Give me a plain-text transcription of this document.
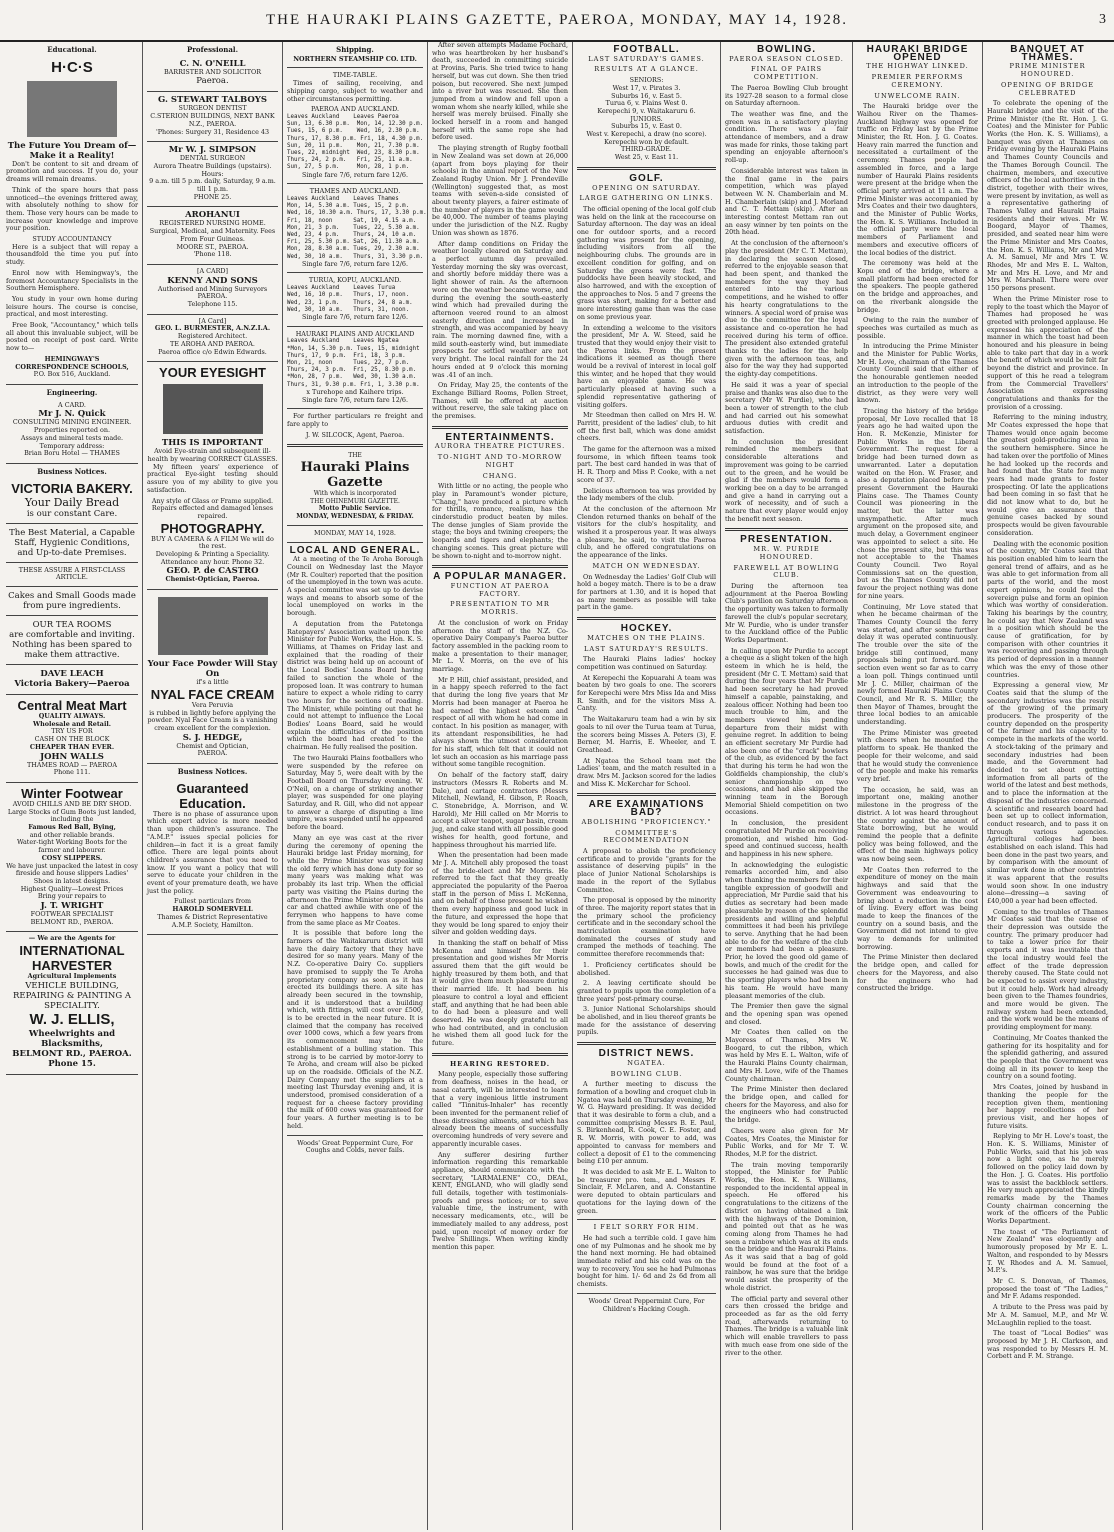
THE HAURAKI PLAINS GAZETTE, PAEROA, MONDAY, MAY 14, 1928.	3
Educational.
H·C·S
The Future You Dream of—
Make it a Reality!

Don't be content to sit and dream of promotion and success. If you do, your dreams will remain dreams.

Think of the spare hours that pass unnoticed—the evenings frittered away, with absolutely nothing to show for them. Those very hours can be made to increase your knowledge and improve your position.

STUDY ACCOUNTANCY

Here is a subject that will repay a thousandfold the time you put into study.

Enrol now with Hemingway's, the foremost Accountancy Specialists in the Southern Hemisphere.

You study in your own home during leisure hours. The course is concise, practical, and most interesting.

Free Book, "Accountancy," which tells all about this invaluable subject, will be posted on receipt of post card. Write now to—

HEMINGWAY'S
CORRESPONDENCE SCHOOLS,
P.O. Box 516, Auckland.
Engineering.
A CARD.
Mr J. N. Quick
CONSULTING MINING ENGINEER.
Properties reported on.
Assays and mineral tests made.
Temporary address:
Brian Boru Hotel — THAMES
Business Notices.
VICTORIA BAKERY.
Your Daily Bread
is our constant Care.
The Best Material, a Capable Staff, Hygienic Conditions, and Up-to-date Premises.
THESE ASSURE A FIRST-CLASS ARTICLE.
Cakes and Small Goods made from pure ingredients.
OUR TEA ROOMS
are comfortable and inviting. Nothing has been spared to make them attractive.
DAVE LEACH
Victoria Bakery—Paeroa
Central Meat Mart
QUALITY ALWAYS.
Wholesale and Retail.
TRY US FOR
CASH ON THE BLOCK
CHEAPER THAN EVER.
JOHN WALLS
THAMES ROAD — PAEROA
Phone 111.
Winter Footwear
AVOID CHILLS AND BE DRY SHOD.
Large Stocks of Gum Boots just landed, including the
Famous Red Ball, Bying,
and other reliable brands.
Water-tight Working Boots for the farmer and labourer.
COSY SLIPPERS.
We have just unpacked the latest in cosy fireside and house slippers Ladies' Shoes in latest designs.
Highest Quality—Lowest Prices
Bring your repairs to
J. T. WRIGHT
FOOTWEAR SPECIALIST
BELMONT RD., PAEROA.
— We are the Agents for
INTERNATIONAL
HARVESTER
Agricultural Implements
VEHICLE BUILDING, REPAIRING & PAINTING A SPECIALITY.
W. J. ELLIS,
Wheelwrights and Blacksmiths,
BELMONT RD., PAEROA.
Phone 15.
Professional.
C. N. O'NEILL
BARRISTER AND SOLICITOR
Paeroa.
G. STEWART TALBOYS
SURGEON DENTIST
C.STERION BUILDINGS, NEXT BANK N.Z., PAEROA.
'Phones: Surgery 31, Residence 43
Mr W. J. SIMPSON
DENTAL SURGEON
Aurora Theatre Buildings (upstairs).
Hours:
9 a.m. till 5 p.m. daily, Saturday, 9 a.m. till 1 p.m.
PHONE 25.
AROHANUI
REGISTERED NURSING HOME.
Surgical, Medical, and Maternity. Fees From Four Guineas.
MOORE ST., PAEROA.
'Phone 118.
[A CARD]
KENNY AND SONS
Authorised and Mining Surveyors PAEROA.
Telephone 115.
[A Card]
GEO. L. BURMESTER, A.N.Z.I.A.
Registered Architect.
TE AROHA AND PAEROA.
Paeroa office c/o Edwin Edwards.
YOUR EYESIGHT
THIS IS IMPORTANT
Avoid Eye-strain and subsequent ill-health by wearing CORRECT GLASSES.

My fifteen years' experience of practical Eye-sight testing should assure you of my ability to give you satisfaction.

Any style of Glass or Frame supplied.
Repairs effected and damaged lenses repaired.
PHOTOGRAPHY.
BUY A CAMERA & A FILM We will do the rest.
Developing & Printing a Speciality.
Attendance any hour. Phone 32.
GEO. P. de CASTRO
Chemist-Optician, Paeroa.
Your Face Powder Will Stay On
if's a little
NYAL FACE CREAM
Vera Peruvia
is rubbed in lightly before applying the powder. Nyal Face Cream is a vanishing cream excellent for the complexion.
S. J. HEDGE,
Chemist and Optician,
PAEROA.
Business Notices.
Guaranteed Education.

There is no phase of assurance upon which expert advice is more needed than upon children's assurance. The "A.M.P." issues special policies for children—in fact it is a great family office. There are legal points about children's assurance that you need to know. If you want a policy that will serve to educate your children in the event of your premature death, we have just the policy.

Fullest particulars from
HAROLD SOMERVELL
Thames & District Representative A.M.P. Society, Hamilton.
Shipping.
NORTHERN STEAMSHIP CO. LTD.
TIME-TABLE.

Times of sailing, receiving, and shipping cargo, subject to weather and other circumstances permitting.

PAEROA AND AUCKLAND.
Leaves Auckland    Leaves Paeroa
Sun, 13, 6.30 p.m.  Mon, 14, 12.30 p.m.
Tues, 15, 6 p.m.    Wed, 16, 2.30 p.m.
Thurs, 17, 8.30 p.m. Fri, 18, 4.30 p.m.
Sun, 20, 11 p.m.    Mon, 21, 7.30 p.m.
Tues, 22, midnight  Wed, 23, 8.30 p.m.
Thurs, 24, 2 p.m.   Fri, 25, 11 a.m.
Sun, 27, 5 p.m.     Mon, 28, 1 p.m.
Single fare 7/6, return fare 12/6.
THAMES AND AUCKLAND.
Leaves Auckland    Leaves Thames
Mon, 14, 5.30 a.m. Tues, 15, 2 p.m.
Wed, 16, 10.30 a.m. Thurs, 17, 3.30 p.m.
Fri, 18, noon      Sat, 19, 4.15 a.m.
Mon, 21, 3 p.m.    Tues, 22, 5.30 a.m.
Wed, 23, 4 p.m.    Thurs, 24, 10 a.m.
Fri, 25, 5.30 p.m. Sat, 26, 11.30 a.m.
Mon, 28, 8.30 a.m. Tues, 29, 2.30 a.m.
Wed, 30, 10 a.m.   Thurs, 31, 3.30 p.m.
Single fare 7/6, return fare 12/6.
TURUA, KOPU, AUCKLAND.
Leaves Auckland    Leaves Turua
Wed, 16, 10 p.m.   Thurs, 17, noon.
Wed, 23, 1 p.m.    Thurs, 24, 8 a.m.
Wed, 30, 10 a.m.   Thurs, 31, noon.
Single fare 7/6, return fare 12/6.
HAURAKI PLAINS AND AUCKLAND
Leaves Auckland    Leaves Ngatea
*Mon, 14, 5.30 p.m. Tues, 15, midnight
Thurs, 17, 9 p.m.  Fri, 18, 3 p.m.
Mon, 21, noon      Tues, 22, 7 p.m.
Thurs, 24, 3 p.m.  Fri, 25, 8.30 p.m.
*Mon, 28, 7 p.m.   Wed, 30, 1.30 a.m.
Thurs, 31, 9.30 p.m. Fri, 1, 3.30 p.m.
x Turehope and Kaihere trips.
Single fare 7/6, return fare 12/6.

For further particulars re freight and fare apply to

J. W. SILCOCK, Agent, Paeroa.
THE
Hauraki Plains Gazette
With which is incorporated
THE OHINEMURI GAZETTE.
Motto Public Service.
MONDAY, WEDNESDAY, & FRIDAY.
MONDAY, MAY 14, 1928.
LOCAL AND GENERAL.

At a meeting of the Te Aroha Borough Council on Wednesday last the Mayor (Mr R. Coulter) reported that the position of the unemployed in the town was acute. A special committee was set up to devise ways and means to absorb some of the local unemployed on works in the borough.

A deputation from the Patetonga Ratepayers' Association waited upon the Minister for Public Works, the Hon. K. S. Williams, at Thames on Friday last and explained that the roading of their district was being held up on account of the Local Bodies' Loans Board having failed to sanction the whole of the proposed loan. It was contrary to human nature to expect a whole riding to carry two hours for the sections of roading. The Minister, while pointing out that he could not attempt to influence the Local Bodies' Loans Board, said he would explain the difficulties of the position which the board had created to the chairman. He fully realised the position.

The two Hauraki Plains footballers who were suspended by the referee on Saturday, May 5, were dealt with by the Football Board on Thursday evening. W. O'Neil, on a charge of striking another player, was suspended for one playing Saturday, and R. Gill, who did not appear to answer a charge of disputing a line umpire, was suspended until he appeared before the board.

Many an eye was cast at the river during the ceremony of opening the Hauraki bridge last Friday morning, for while the Prime Minister was speaking the old ferry which has done duty for so many years was making what was probably its last trip. When the official party was visiting the Plains during the afternoon the Prime Minister stopped his car and chatted awhile with one of the ferrymen who happens to have come from the same place as Mr Coates.

It is possible that before long the farmers of the Waitakaruru district will have the dairy factory that they have desired for so many years. Many of the N.Z. Co-operative Dairy Co. suppliers have promised to supply the Te Aroha proprietary company as soon as it has erected its buildings there. A site has already been secured in the township, and it is understood that a building which, with fittings, will cost over £500, is to be erected in the near future. It is claimed that the company has received over 1000 cows, which a few years from its commencement may be the establishment of a bulling station. This strong is to be carried by motor-lorry to Te Aroha, and cream will also be picked up on the roadside. Officials of the N.Z. Dairy Company met the suppliers at a meeting last Thursday evening and, it is understood, promised consideration of a request for a cheese factory providing the milk of 600 cows was guaranteed for four years. A further meeting is to be held.

Woods' Great Peppermint Cure, For Coughs and Colds, never fails.

After seven attempts Madame Pochard, who was heartbroken by her husband's death, succeeded in committing suicide at Provins, Paris. She tried twice to hang herself, but was cut down. She then tried poison, but recovered. She next jumped into a river but was rescued. She then jumped from a window and fell upon a woman whom she nearly killed, while she herself was merely bruised. Finally she locked herself in a room and hanged herself with the same rope she had before used.

The playing strength of Rugby football in New Zealand was set down at 26,000 (apart from boys playing for their schools) in the annual report of the New Zealand Rugby Union. Mr J. Prendeville (Wellington) suggested that, as most teams with seven-a-side consisted of about twenty players, a fairer estimate of the number of players in the game would be 40,000. The number of teams playing under the jurisdiction of the N.Z. Rugby Union was shown as 1876.

After damp conditions on Friday the weather locally cleared on Saturday and a perfect autumn day prevailed. Yesterday morning the sky was overcast, and shortly before midday there was a light shower of rain. As the afternoon wore on the weather became worse, and during the evening the south-easterly wind which had prevailed during the afternoon veered round to an almost easterly direction and increased in strength, and was accompanied by heavy rain. The morning dawned fine, with a mild south-easterly wind, but immediate prospects for settled weather are not very bright. The local rainfall for the 24 hours ended at 9 o'clock this morning was .41 of an inch.

On Friday, May 25, the contents of the Exchange Billiard Rooms, Pollen Street, Thames, will be offered at auction without reserve, the sale taking place on the premises.

ENTERTAINMENTS.
AURORA THEATRE PICTURES.
TO-NIGHT AND TO-MORROW NIGHT
CHANG.

With little or no acting, the people who play in Paramount's wonder picture, "Chang," have produced a picture which for thrills, romance, realism, has the cinderstudio product beaten by miles. The dense jungles of Siam provide the stage; the boys and twining creepers; the leopards and tigers and elephants; the changing scenes. This great picture will be shown to-night and to-morrow night.

A POPULAR MANAGER.
FUNCTION AT PAEROA FACTORY.
PRESENTATION TO MR MORRIS.

At the conclusion of work on Friday afternoon the staff of the N.Z. Co-operative Dairy Company's Paeroa butter factory assembled in the packing room to make a presentation to their manager, Mr L. V. Morris, on the eve of his marriage.

Mr P. Hill, chief assistant, presided, and in a happy speech referred to the fact that during the long five years that Mr Morris had been manager at Paeroa he had earned the highest esteem and respect of all with whom he had come in contact. In his position as manager, with its attendant responsibilities, he had always shown the utmost consideration for his staff, which felt that it could not let such an occasion as his marriage pass without some tangible recognition.

On behalf of the factory staff, dairy instructors (Messrs R. Roberts and M. Dale), and cartage contractors (Messrs Mitchell, Newland, H. Gibson, P. Roach, C. Stonebridge, A. Morrison, and W. Harold), Mr Hill called on Mr Morris to accept a silver teapot, sugar basin, cream jug, and cake stand with all possible good wishes for health, good fortune, and happiness throughout his married life.

When the presentation had been made Mr J. A. Mitchell ably proposed the toast of the bride-elect and Mr Morris. He referred to the fact that they greatly appreciated the popularity of the Paeroa staff in the person of Miss I. McKenna, and on behalf of those present he wished them every happiness and good luck in the future, and expressed the hope that they would be long spared to enjoy their silver and golden wedding days.

In thanking the staff on behalf of Miss McKenna and himself for their presentation and good wishes Mr Morris assured them that the gift would be highly treasured by them both, and that it would give them much pleasure during their married life. It had been his pleasure to control a loyal and efficient staff, and anything that he had been able to do had been a pleasure and well deserved. He was deeply grateful to all who had contributed, and in conclusion he wished them all good luck for the future.

HEARING RESTORED.

Many people, especially those suffering from deafness, noises in the head, or nasal catarrh, will be interested to learn that a very ingenious little instrument called "Tinnitus-Inhaler" has recently been invented for the permanent relief of these distressing ailments, and which has already been the means of successfully overcoming hundreds of very severe and apparently incurable cases.

Any sufferer desiring further information regarding this remarkable appliance, should communicate with the secretary, "LARMALENE" CO., DEAL, KENT, ENGLAND, who will gladly send full details, together with testimonials-proofs and press notices; or to save valuable time, the instrument, with necessary medicaments, etc., will be immediately mailed to any address, post paid, upon receipt of money order for Twelve Shillings. When writing kindly mention this paper.

FOOTBALL.
LAST SATURDAY'S GAMES.
RESULTS AT A GLANCE.
SENIORS:
West 17, v. Pirates 3.
Suburbs 16, v. East 5.
Turua 6, v. Plains West 0.
Kerepechi 9, v. Waitakaruru 6.
JUNIORS.
Suburbs 15, v. East 0.
West v. Kerepechi, a draw (no score).
Kerepechi won by default.
THIRD-GRADE.
West 25, v. East 11.
GOLF.
OPENING ON SATURDAY.
LARGE GATHERING ON LINKS.

The official opening of the local golf club was held on the link at the racecourse on Saturday afternoon. The day was an ideal one for outdoor sports, and a record gathering was present for the opening, including visitors from all the neighbouring clubs. The grounds are in excellent condition for golfing, and on Saturday the greens were fast. The puddocks have been heavily stocked, and also harrowed, and with the exception of the approaches to Nos. 5 and 7 greens the grass was short, making for a better and more interesting game than was the case on some previous year.

In extending a welcome to the visitors the president, Mr A. W. Steed, said he trusted that they would enjoy their visit to the Paeroa links. From the present indications it seemed as though there would be a revival of interest in local golf this winter, and he hoped that they would have an enjoyable game. He was particularly pleased at having such a splendid representative gathering of visiting golfers.

Mr Steedman then called on Mrs H. W. Parritt, president of the ladies' club, to hit off the first ball, which was done amidst cheers.

The game for the afternoon was a mixed foursome, in which fifteen teams took part. The best card handed in was that of H. R. Thorp and Miss P. Cooke, with a net score of 37.

Delicious afternoon tea was provided by the lady members of the club.

At the conclusion of the afternoon Mr Clendon returned thanks on behalf of the visitors for the club's hospitality, and wished it a prosperous year. It was always a pleasure, he said, to visit the Paeroa club, and he offered congratulations on the appearance of the links.

MATCH ON WEDNESDAY.

On Wednesday the Ladies' Golf Club will hold a bogey match. There is to be a draw for partners at 1.30, and it is hoped that as many members as possible will take part in the game.

HOCKEY.
MATCHES ON THE PLAINS.
LAST SATURDAY'S RESULTS.

The Hauraki Plains ladies' hockey competition was continued on Saturday.

At Kerepechi the Kopuarahi A team was beaten by two goals to one. The scorers for Kerepechi were Mrs Miss Ida and Miss R. Smith, and for the visitors Miss A. Canty.

The Waitakaruru team had a win by six goals to nil over the Turua team at Turua, the scorers being Misses A. Peters (3), F. Berner, M. Harris, E. Wheeler, and T. Greathead.

At Ngatea the School team met the Ladies' team, and the match resulted in a draw. Mrs M. Jackson scored for the ladies and Miss K. McKerchar for School.

ARE EXAMINATIONS BAD?
ABOLISHING "PROFICIENCY."
COMMITTEE'S RECOMMENDATION

A proposal to abolish the proficiency certificate and to provide "grants for the assistance of deserving pupils" in the place of Junior National Scholarships is made in the report of the Syllabus Committee.

The proposal is opposed by the minority of three. The majority report states that in the primary school the proficiency certificate and in the secondary school the matriculation examination have dominated the courses of study and cramped the methods of teaching. The committee therefore recommends that:

1. Proficiency certificates should be abolished.

2. A leaving certificate should be granted to pupils upon the completion of a three years' post-primary course.

3. Junior National Scholarships should be abolished, and in lieu thereof grants be made for the assistance of deserving pupils.

DISTRICT NEWS.
NGATEA.
BOWLING CLUB.

A further meeting to discuss the formation of a bowling and croquet club in Ngatea was held on Thursday evening, Mr W. G. Hayward presiding. It was decided that it was desirable to form a club, and a committee comprising Messrs B. E. Paul, S. Birkenhead, R. Cook, C. E. Foster, and R. W. Morris, with power to add, was appointed to canvass for members and collect a deposit of £1 to the commencing being £10 per annum.

It was decided to ask Mr E. L. Walton to be treasurer pro. tem., and Messrs F. Sinclair, F. McLaren, and A. Constantine were deputed to obtain particulars and quotations for the laying down of the green.

I FELT SORRY FOR HIM.

He had such a terrible cold. I gave him one of my Pulmonas and he shook me by the hand next morning. He had obtained immediate relief and his cold was on the way to recovery. You see he had Pulmonas bought for him. 1/- 6d and 2s 6d from all chemists.

Woods' Great Peppermint Cure, For Children's Hacking Cough.

BOWLING.
PAEROA SEASON CLOSED.
FINAL OF PAIRS COMPETITION.

The Paeroa Bowling Club brought its 1927-28 season to a formal close on Saturday afternoon.

The weather was fine, and the green was in a satisfactory playing condition. There was a fair attendance of members, and a draw was made for rinks, those taking part spending an enjoyable afternoon's roll-up.

Considerable interest was taken in the final game in the pairs competition, which was played between W. N. Chamberlain and M. H. Chamberlain (skip) and J. Morland and C. T. Mettam (skip). After an interesting contest Mettam ran out an easy winner by ten points on the 20th head.

At the conclusion of the afternoon's play the president (Mr C. T. Mettam), in declaring the season closed, referred to the enjoyable season that had been spent, and thanked the members for the way they had entered into the various competitions, and he wished to offer his hearty congratulations to the winners. A special word of praise was due to the committee for the loyal assistance and co-operation he had received during his term of office. The president also extended grateful thanks to the ladies for the help given with the afternoon teas, and also for the way they had supported the eighty-day competitions.

He said it was a year of special praise and thanks was also due to the secretary (Mr W. Purdie), who had been a tower of strength to the club and had carried out his somewhat arduous duties with credit and satisfaction.

In conclusion the president reminded the members that considerable alterations and improvement was going to be carried out to the green, and he would be glad if the members would form a working bee on a day to be arranged and give a hand in carrying out a work of necessity, and of such a nature that every player would enjoy the benefit next season.

PRESENTATION.
MR. W. PURDIE HONOURED.
FAREWELL AT BOWLING CLUB.

During the afternoon tea adjournment at the Paeroa Bowling Club's pavilion on Saturday afternoon the opportunity was taken to formally farewell the club's popular secretary, Mr W. Purdie, who is under transfer to the Auckland office of the Public Works Department.

In calling upon Mr Purdie to accept a cheque as a slight token of the high esteem in which he is held, the president (Mr C. T. Mettam) said that during the four years that Mr Purdie had been secretary he had proved himself a capable, painstaking, and zealous officer. Nothing had been too much trouble to him, and the members viewed his pending departure from their midst with genuine regret. In addition to being an efficient secretary Mr Purdie had also been one of the "crack" bowlers of the club, as evidenced by the fact that during his term he had won the Goldfields championship, the club's senior championship on two occasions, and had also skipped the winning team in the Borough Memorial Shield competition on two occasions.

In conclusion, the president congratulated Mr Purdie on receiving promotion, and wished him God-speed and continued success, health and happiness in his new sphere.

In acknowledging the eulogistic remarks accorded him, and also when thanking the members for their tangible expression of goodwill and appreciation, Mr Purdie said that his duties as secretary had been made pleasurable by reason of the splendid presidents and willing and helpful committees it had been his privilege to serve. Anything that he had been able to do for the welfare of the club or members had been a pleasure. Prior, he loved the good old game of bowls, and much of the credit for the successes he had gained was due to the sporting players who had been in his team. He would have many pleasant memories of the club.

The Premier then gave the signal and the opening span was opened and closed.

Mr Coates then called on the Mayoress of Thames, Mrs W. Boogard, to cut the ribbon, which was held by Mrs E. L. Walton, wife of the Hauraki Plains County chairman, and Mrs H. Love, wife of the Thames County chairman.

The Prime Minister then declared the bridge open, and called for cheers for the Mayoress, and also for the engineers who had constructed the bridge.

Cheers were also given for Mr Coates, Mrs Coates, the Minister for Public Works, and for Mr T. W. Rhodes, M.P. for the district.

The train moving temporarily stopped, the Minister for Public Works, the Hon. K. S. Williams, responded to the incidental appeal in speech. He offered his congratulations to the citizens of the district on having obtained a link with the highways of the Dominion, and pointed out that as he was coming along from Thames he had seen a rainbow which was at its ends on the bridge and the Hauraki Plains. As it was said that a bag of gold would be found at the foot of a rainbow, he was sure that the bridge would assist the prosperity of the whole district.

The official party and several other cars then crossed the bridge and proceeded as far as the old ferry road, afterwards returning to Thames. The bridge is a valuable link which will enable travellers to pass with much ease from one side of the river to the other.

HAURAKI BRIDGE OPENED
THE HIGHWAY LINKED.
PREMIER PERFORMS CEREMONY.
UNWELCOME RAIN.

The Hauraki bridge over the Waihou River on the Thames-Auckland highway was opened for traffic on Friday last by the Prime Minister, the Rt. Hon. J. G. Coates. Heavy rain marred the function and necessitated a curtailment of the ceremony. Thames people had assembled in force, and a large number of Hauraki Plains residents were present at the bridge when the official party arrived at 11 a.m. The Prime Minister was accompanied by Mrs Coates and their two daughters, and the Minister of Public Works, the Hon. K. S. Williams. Included in the official party were the local members of Parliament and members and executive officers of the local bodies of the district.

The ceremony was held at the Kopu end of the bridge, where a small platform had been erected for the speakers. The people gathered on the bridge and approaches, and on the riverbank alongside the bridge.

Owing to the rain the number of speeches was curtailed as much as possible.

In introducing the Prime Minister and the Minister for Public Works, Mr H. Love, chairman of the Thames County Council said that either of the honourable gentlemen needed an introduction to the people of the district, as they were very well known.

Tracing the history of the bridge proposal, Mr Love recalled that 18 years ago he had waited upon the Hon. R. McKenzie, Minister for Public Works in the Liberal Government. The request for a bridge had been turned down as unwarranted. Later a deputation waited on the Hon. W. Fraser, and also a deputation placed before the present Government the Hauraki Plains case. The Thames County Council was pioneering in the matter, but the latter was unsympathetic. After much argument on the proposed site, and much delay, a Government engineer was appointed to select a site. He chose the present site, but this was not acceptable to the Thames County Council. Two Royal Commissions sat on the question, but as the Thames County did not favour the project nothing was done for nine years.

Continuing, Mr Love stated that when he became chairman of the Thames County Council the ferry was started, and after some further delay it was operated continuously. The trouble over the site of the bridge still continued, many proposals being put forward. One section even went so far as to carry a loan poll. Things continued until Mr J. C. Miller, chairman of the newly formed Hauraki Plains County Council, and Mr R. S. Miller, the then Mayor of Thames, brought the three local bodies to an amicable understanding.

The Prime Minister was greeted with cheers when he mounted the platform to speak. He thanked the people for their welcome, and said that he would study the convenience of the people and make his remarks very brief.

The occasion, he said, was an important one, making another milestone in the progress of the district. A lot was heard throughout the country against the amount of State borrowing, but he would remind the people that a definite policy was being followed, and the effect of the main highways policy was now being seen.

Mr Coates then referred to the expenditure of money on the main highways and said that the Government was endeavouring to bring about a reduction in the cost of living. Every effort was being made to keep the finances of the country on a sound basis, and the Government did not intend to give way to demands for unlimited borrowing.

The Prime Minister then declared the bridge open, and called for cheers for the Mayoress, and also for the engineers who had constructed the bridge.

BANQUET AT THAMES.
PRIME MINISTER HONOURED.
OPENING OF BRIDGE CELEBRATED

To celebrate the opening of the Hauraki bridge and the visit of the Prime Minister (the Rt. Hon. J. G. Coates) and the Minister for Public Works (the Hon. K. S. Williams), a banquet was given at Thames on Friday evening by the Hauraki Plains and Thames County Councils and the Thames Borough Council. The chairmen, members, and executive officers of the local authorities in the district, together with their wives, were present by invitation, as well as a representative gathering of Thames Valley and Hauraki Plains residents and their wives. Mr W. Boogard, Mayor of Thames, presided, and seated near him were the Prime Minister and Mrs Coates, the Hon. K. S. Williams, Mr and Mrs A. M. Samuel, Mr and Mrs T. W. Rhodes, Mr and Mrs E. L. Walton, Mr and Mrs H. Love, and Mr and Mrs W. Marshall. There were over 150 persons present.

When the Prime Minister rose to reply to the toast which the Mayor of Thames had proposed he was greeted with prolonged applause. He expressed his appreciation of the manner in which the toast had been honoured and his pleasure in being able to take part that day in a work the benefit of which would be felt far beyond the district and province. In support of this he read a telegram from the Commercial Travellers' Association expressing congratulations and thanks for the provision of a crossing.

Referring to the mining industry, Mr Coates expressed the hope that Thames would once again become the greatest gold-producing area in the southern hemisphere. Since he had taken over the portfolio of Mines he had looked up the records and had found that the State for many years had made grants to foster prospecting. Of late the applications had been coming in so fast that he did not know what to do, but he would give an assurance that genuine cases backed by sound prospects would be given favourable consideration.

Dealing with the economic position of the country, Mr Coates said that his position enabled him to learn the general trend of affairs, and as he was able to get information from all parts of the world, and the most expert opinions, he could feel the sovereign pulse and form an opinion which was worthy of consideration. Taking his bearings by the country, he could say that New Zealand was in a position which should be the cause of gratification, for by comparison with other countries it was recovering and passing through its period of depression in a manner which was the envy of those other countries.

Expressing a general view, Mr Coates said that the slump of the secondary industries was the result of the growing of the primary producers. The prosperity of the country depended on the prosperity of the farmer and his capacity to compete in the markets of the world. A stock-taking of the primary and secondary industries had been made, and the Government had decided to set about getting information from all parts of the world of the latest and best methods, and to place the information at the disposal of the industries concerned. A scientific and research board had been set up to collect information, conduct research, and to pass it on through various agencies. Agricultural colleges had been established on each island. This had been done in the past two years, and by comparison with the amount of similar work done in other countries it was apparent that the results would soon show. In one industry alone—dressing—a saving of £40,000 a year had been effected.

Coming to the troubles of Thames Mr Coates said that the cause of their depression was outside the country. The primary producer had to take a lower price for their exports and it was inevitable that the local industry would feel the effect of the trade depression thereby caused. The State could not be expected to assist every industry, but it could help. Work had already been given to the Thames foundries, and more would be given. The railway system had been extended, and the work would be the means of providing employment for many.

Continuing, Mr Coates thanked the gathering for its hospitality and for the splendid gathering, and assured the people that the Government was doing all in its power to keep the country on a sound footing.

Mrs Coates, joined by husband in thanking the people for the reception given them, mentioning her happy recollections of her previous visit, and her hopes of future visits.

Replying to Mr H. Love's toast, the Hon. K. S. Williams, Minister of Public Works, said that his job was now a light one, as he merely followed on the policy laid down by the Hon. J. G. Coates. His portfolio was to assist the backblock settlers. He very much appreciated the kindly remarks made by the Thames County chairman concerning the work of the officers of the Public Works Department.

The toast of "The Parliament of New Zealand" was eloquently and humorously proposed by Mr E. L. Walton, and responded to by Messrs T. W. Rhodes and A. M. Samuel, M.P.'s.

Mr C. S. Donovan, of Thames, proposed the toast of "The Ladies," and Mr F. Adams responded.

A tribute to the Press was paid by Mr A. M. Samuel, M.P., and Mr W. McLaughlin replied to the toast.

The toast of "Local Bodies" was proposed by Mr J. H. Clarkson, and was responded to by Messrs H. M. Corbett and F. M. Strange.
